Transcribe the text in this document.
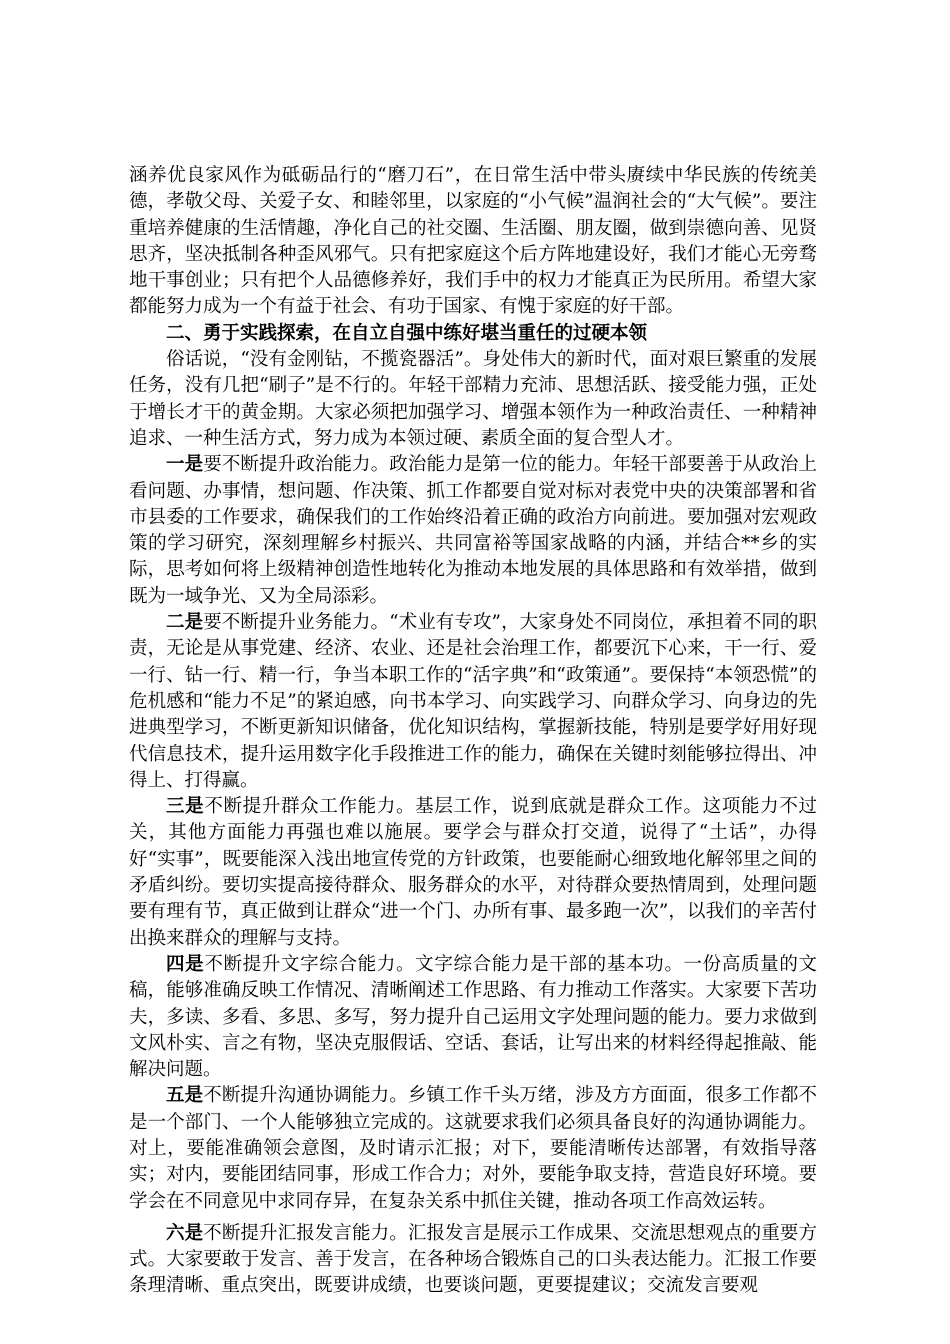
涵养优良家风作为砥砺品行的“磨刀石”，在日常生活中带头赓续中华民族的传统美德，孝敬父母、关爱子女、和睦邻里，以家庭的“小气候”温润社会的“大气候”。要注重培养健康的生活情趣，净化自己的社交圈、生活圈、朋友圈，做到崇德向善、见贤思齐，坚决抵制各种歪风邪气。只有把家庭这个后方阵地建设好，我们才能心无旁骛地干事创业；只有把个人品德修养好，我们手中的权力才能真正为民所用。希望大家都能努力成为一个有益于社会、有功于国家、有愧于家庭的好干部。

二、勇于实践探索，在自立自强中练好堪当重任的过硬本领

俗话说，“没有金刚钻，不揽瓷器活”。身处伟大的新时代，面对艰巨繁重的发展任务，没有几把“刷子”是不行的。年轻干部精力充沛、思想活跃、接受能力强，正处于增长才干的黄金期。大家必须把加强学习、增强本领作为一种政治责任、一种精神追求、一种生活方式，努力成为本领过硬、素质全面的复合型人才。

一是要不断提升政治能力。政治能力是第一位的能力。年轻干部要善于从政治上看问题、办事情，想问题、作决策、抓工作都要自觉对标对表党中央的决策部署和省市县委的工作要求，确保我们的工作始终沿着正确的政治方向前进。要加强对宏观政策的学习研究，深刻理解乡村振兴、共同富裕等国家战略的内涵，并结合**乡的实际，思考如何将上级精神创造性地转化为推动本地发展的具体思路和有效举措，做到既为一域争光、又为全局添彩。

二是要不断提升业务能力。“术业有专攻”，大家身处不同岗位，承担着不同的职责，无论是从事党建、经济、农业、还是社会治理工作，都要沉下心来，干一行、爱一行、钻一行、精一行，争当本职工作的“活字典”和“政策通”。要保持“本领恐慌”的危机感和“能力不足”的紧迫感，向书本学习、向实践学习、向群众学习、向身边的先进典型学习，不断更新知识储备，优化知识结构，掌握新技能，特别是要学好用好现代信息技术，提升运用数字化手段推进工作的能力，确保在关键时刻能够拉得出、冲得上、打得赢。

三是不断提升群众工作能力。基层工作，说到底就是群众工作。这项能力不过关，其他方面能力再强也难以施展。要学会与群众打交道，说得了“土话”，办得好“实事”，既要能深入浅出地宣传党的方针政策，也要能耐心细致地化解邻里之间的矛盾纠纷。要切实提高接待群众、服务群众的水平，对待群众要热情周到，处理问题要有理有节，真正做到让群众“进一个门、办所有事、最多跑一次”，以我们的辛苦付出换来群众的理解与支持。

四是不断提升文字综合能力。文字综合能力是干部的基本功。一份高质量的文稿，能够准确反映工作情况、清晰阐述工作思路、有力推动工作落实。大家要下苦功夫，多读、多看、多思、多写，努力提升自己运用文字处理问题的能力。要力求做到文风朴实、言之有物，坚决克服假话、空话、套话，让写出来的材料经得起推敲、能解决问题。

五是不断提升沟通协调能力。乡镇工作千头万绪，涉及方方面面，很多工作都不是一个部门、一个人能够独立完成的。这就要求我们必须具备良好的沟通协调能力。对上，要能准确领会意图，及时请示汇报；对下，要能清晰传达部署，有效指导落实；对内，要能团结同事，形成工作合力；对外，要能争取支持，营造良好环境。要学会在不同意见中求同存异，在复杂关系中抓住关键，推动各项工作高效运转。

六是不断提升汇报发言能力。汇报发言是展示工作成果、交流思想观点的重要方式。大家要敢于发言、善于发言，在各种场合锻炼自己的口头表达能力。汇报工作要条理清晰、重点突出，既要讲成绩，也要谈问题，更要提建议；交流发言要观
